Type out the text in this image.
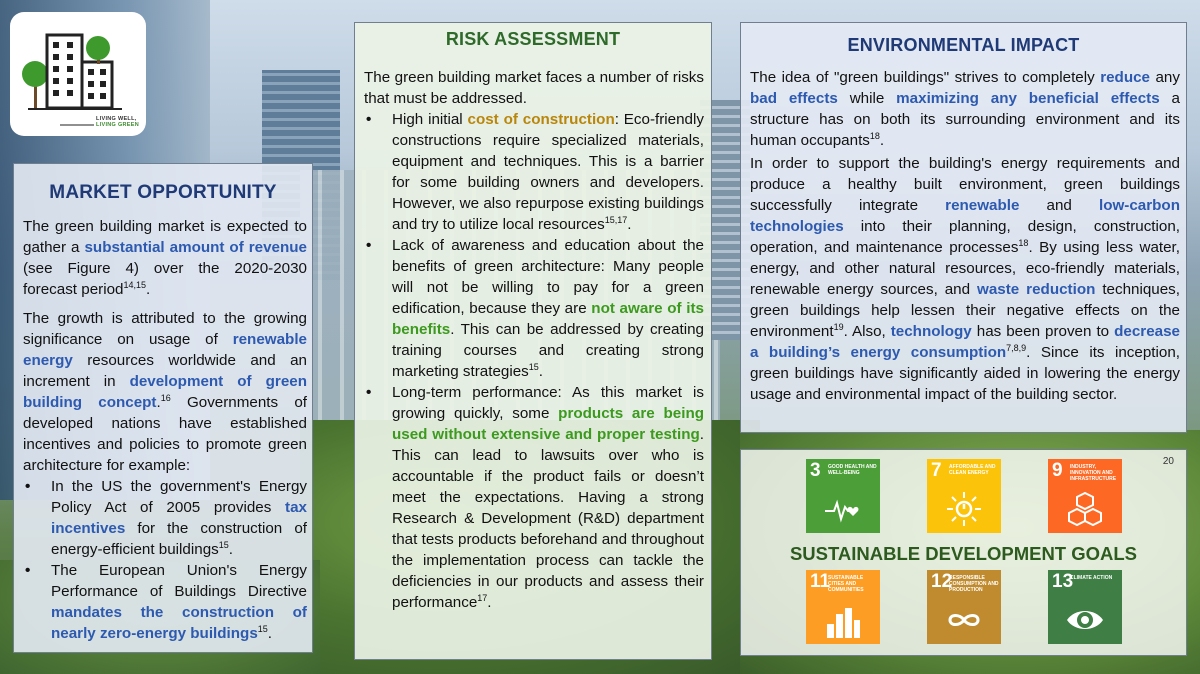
LIVING WELL,
LIVING GREEN
MARKET OPPORTUNITY

The green building market is expected to gather a substantial amount of revenue (see Figure 4) over the 2020-2030 forecast period$^{14,15}$.

The growth is attributed to the growing significance on usage of renewable energy resources worldwide and an increment in development of green building concept.$^{16}$ Governments of developed nations have established incentives and policies to promote green architecture for example:

•	In the US the government's Energy Policy Act of 2005 provides tax incentives for the construction of energy-efficient buildings$^{15}$.
•	The European Union's Energy Performance of Buildings Directive mandates the construction of nearly zero-energy buildings$^{15}$.
RISK ASSESSMENT

The green building market faces a number of risks that must be addressed.

•	High initial cost of construction: Eco-friendly constructions require specialized materials, equipment and techniques. This is a barrier for some building owners and developers. However, we also repurpose existing buildings and try to utilize local resources$^{15,17}$.
•	Lack of awareness and education about the benefits of green architecture: Many people will not be willing to pay for a green edification, because they are not aware of its benefits. This can be addressed by creating training courses and creating strong marketing strategies$^{15}$.
•	Long-term performance: As this market is growing quickly, some products are being used without extensive and proper testing. This can lead to lawsuits over who is accountable if the product fails or doesn’t meet the expectations. Having a strong Research & Development (R&D) department that tests products beforehand and throughout the implementation process can tackle the deficiencies in our products and assess their performance$^{17}$.
ENVIRONMENTAL IMPACT

The idea of "green buildings" strives to completely reduce any bad effects while maximizing any beneficial effects a structure has on both its surrounding environment and its human occupants$^{18}$.

In order to support the building's energy requirements and produce a healthy built environment, green buildings successfully integrate renewable and low-carbon technologies into their planning, design, construction, operation, and maintenance processes$^{18}$. By using less water, energy, and other natural resources, eco-friendly materials, renewable energy sources, and waste reduction techniques, green buildings help lessen their negative effects on the environment$^{19}$. Also, technology has been proven to decrease a building’s energy consumption$^{7,8,9}$. Since its inception, green buildings have significantly aided in lowering the energy usage and environmental impact of the building sector.

20
3 GOOD HEALTH AND WELL-BEING	7 AFFORDABLE AND CLEAN ENERGY	9 INDUSTRY, INNOVATION AND INFRASTRUCTURE
SUSTAINABLE DEVELOPMENT GOALS
11
SUSTAINABLE CITIES AND COMMUNITIES	12
RESPONSIBLE CONSUMPTION AND PRODUCTION	13
CLIMATE ACTION
